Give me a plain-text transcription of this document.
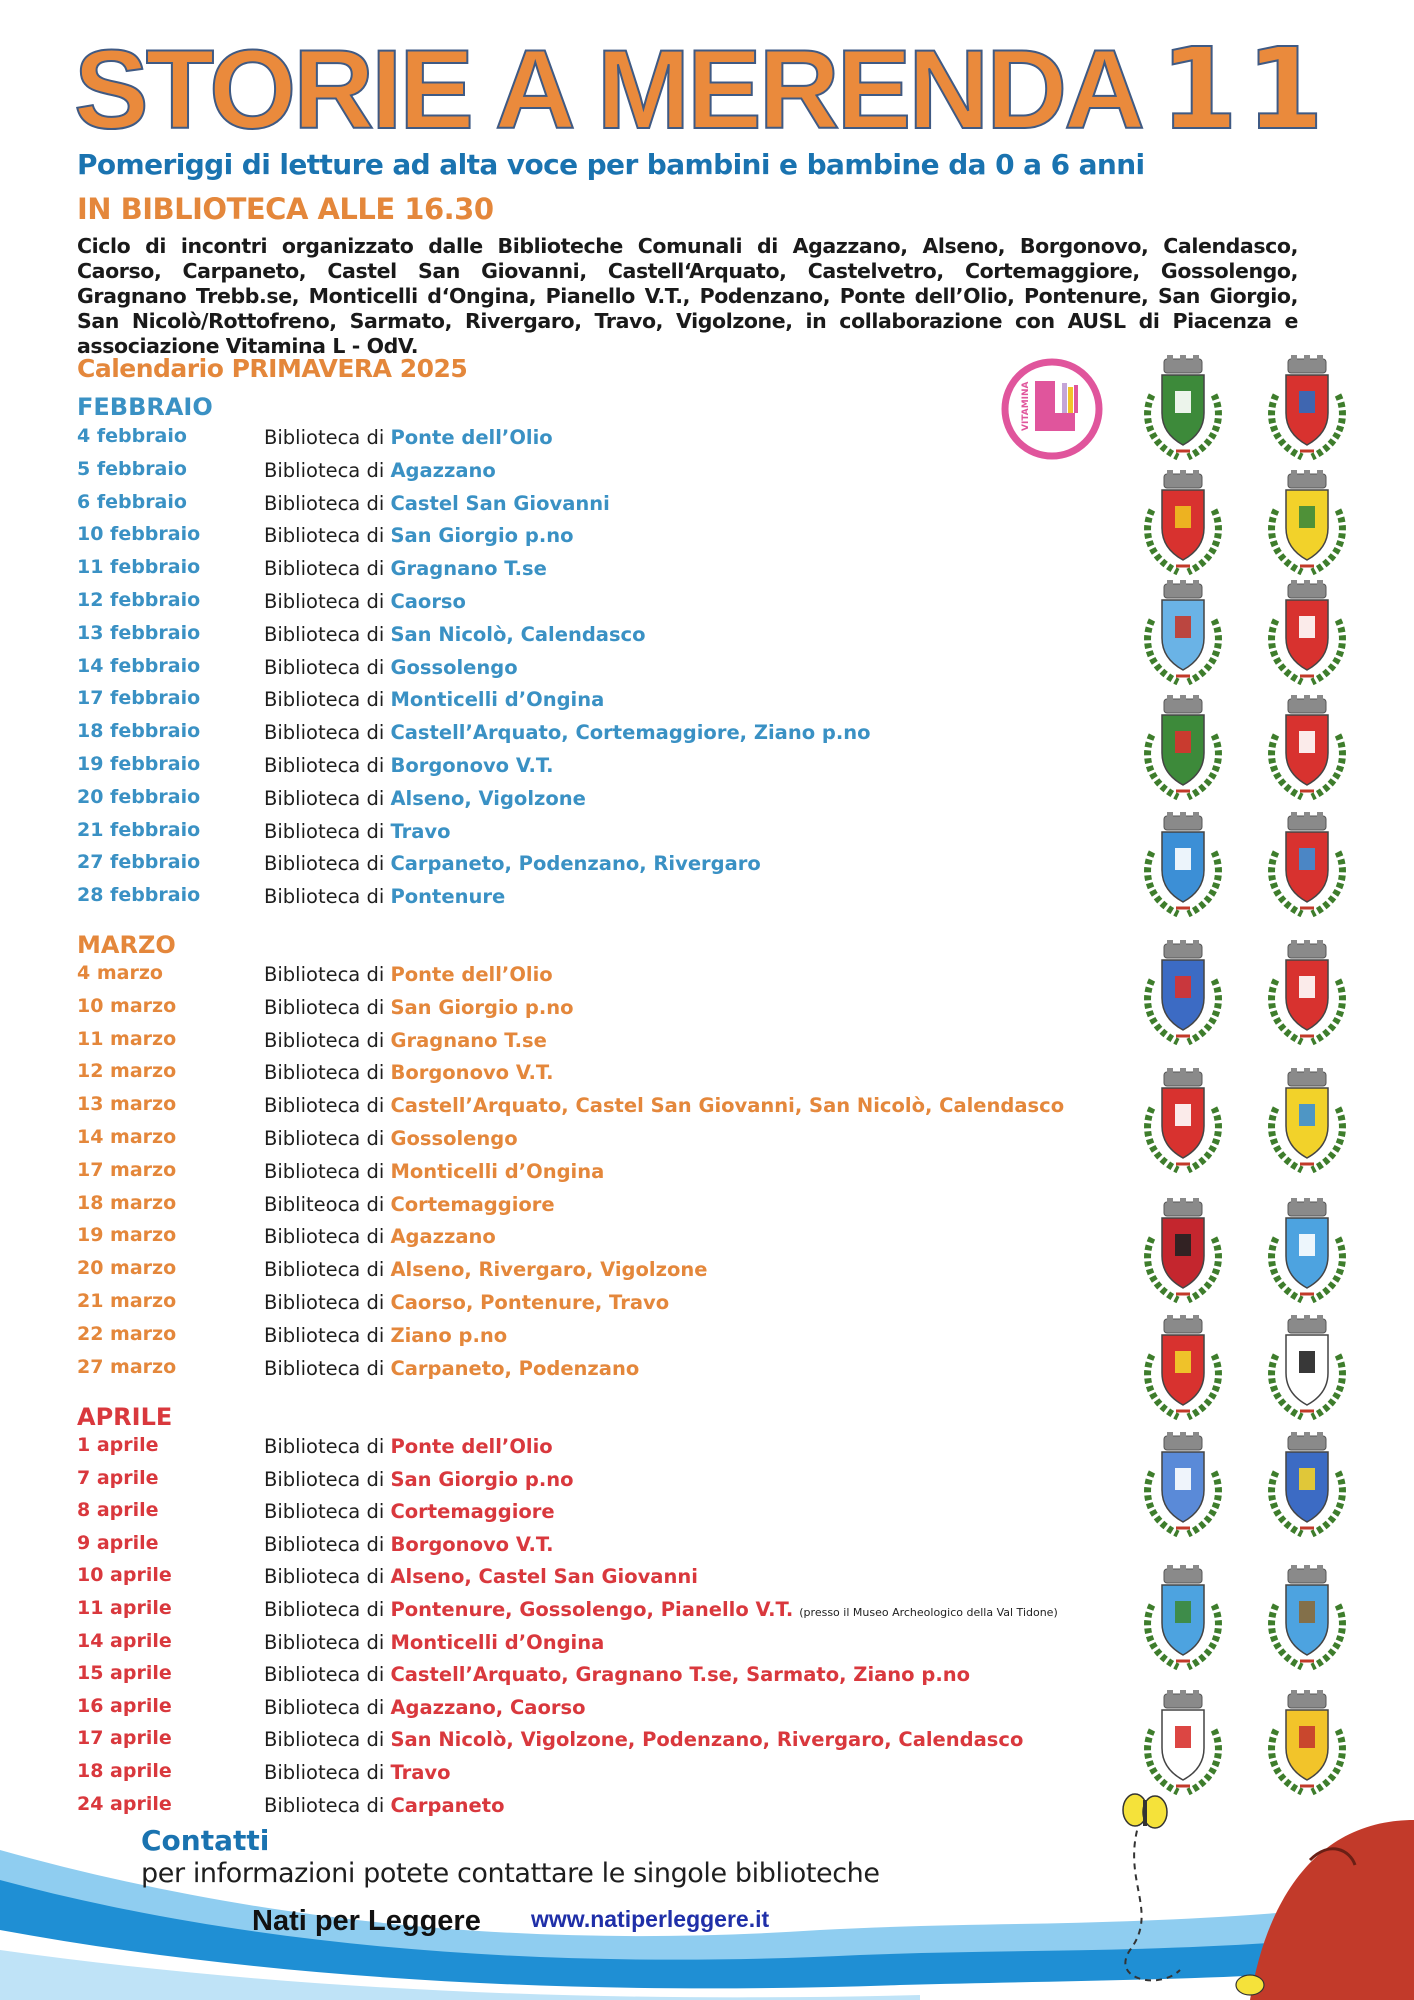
STORIE A MERENDA 11
Pomeriggi di letture ad alta voce per bambini e bambine da 0 a 6 anni
IN BIBLIOTECA ALLE 16.30
Ciclo di incontri organizzato dalle Biblioteche Comunali di Agazzano, Alseno, Borgonovo, Calendasco, Caorso, Carpaneto, Castel San Giovanni, Castell‘Arquato, Castelvetro, Cortemaggiore, Gossolengo, Gragnano Trebb.se, Monticelli d‘Ongina, Pianello V.T., Podenzano, Ponte dell’Olio, Pontenure, San Giorgio, San Nicolò/Rottofreno, Sarmato, Rivergaro, Travo, Vigolzone, in collaborazione con AUSL di Piacenza e associazione Vitamina L - OdV.
Calendario PRIMAVERA 2025
VITAMINA
FEBBRAIO
4 febbraio	Biblioteca di Ponte dell’Olio
5 febbraio	Biblioteca di Agazzano
6 febbraio	Biblioteca di Castel San Giovanni
10 febbraio	Biblioteca di San Giorgio p.no
11 febbraio	Biblioteca di Gragnano T.se
12 febbraio	Biblioteca di Caorso
13 febbraio	Biblioteca di San Nicolò, Calendasco
14 febbraio	Biblioteca di Gossolengo
17 febbraio	Biblioteca di Monticelli d’Ongina
18 febbraio	Biblioteca di Castell’Arquato, Cortemaggiore, Ziano p.no
19 febbraio	Biblioteca di Borgonovo V.T.
20 febbraio	Biblioteca di Alseno, Vigolzone
21 febbraio	Biblioteca di Travo
27 febbraio	Biblioteca di Carpaneto, Podenzano, Rivergaro
28 febbraio	Biblioteca di Pontenure
MARZO
4 marzo	Biblioteca di Ponte dell’Olio
10 marzo	Biblioteca di San Giorgio p.no
11 marzo	Biblioteca di Gragnano T.se
12 marzo	Biblioteca di Borgonovo V.T.
13 marzo	Biblioteca di Castell’Arquato, Castel San Giovanni, San Nicolò, Calendasco
14 marzo	Biblioteca di Gossolengo
17 marzo	Biblioteca di Monticelli d’Ongina
18 marzo	Bibliteoca di Cortemaggiore
19 marzo	Biblioteca di Agazzano
20 marzo	Biblioteca di Alseno, Rivergaro, Vigolzone
21 marzo	Biblioteca di Caorso, Pontenure, Travo
22 marzo	Biblioteca di Ziano p.no
27 marzo	Biblioteca di Carpaneto, Podenzano
APRILE
1 aprile	Biblioteca di Ponte dell’Olio
7 aprile	Biblioteca di San Giorgio p.no
8 aprile	Biblioteca di Cortemaggiore
9 aprile	Biblioteca di Borgonovo V.T.
10 aprile	Biblioteca di Alseno, Castel San Giovanni
11 aprile	Biblioteca di Pontenure, Gossolengo, Pianello V.T. (presso il Museo Archeologico della Val Tidone)
14 aprile	Biblioteca di Monticelli d’Ongina
15 aprile	Biblioteca di Castell’Arquato, Gragnano T.se, Sarmato, Ziano p.no
16 aprile	Biblioteca di Agazzano, Caorso
17 aprile	Biblioteca di San Nicolò, Vigolzone, Podenzano, Rivergaro, Calendasco
18 aprile	Biblioteca di Travo
24 aprile	Biblioteca di Carpaneto
Contatti
per informazioni potete contattare le singole biblioteche
Nati per Leggere www.natiperleggere.it
